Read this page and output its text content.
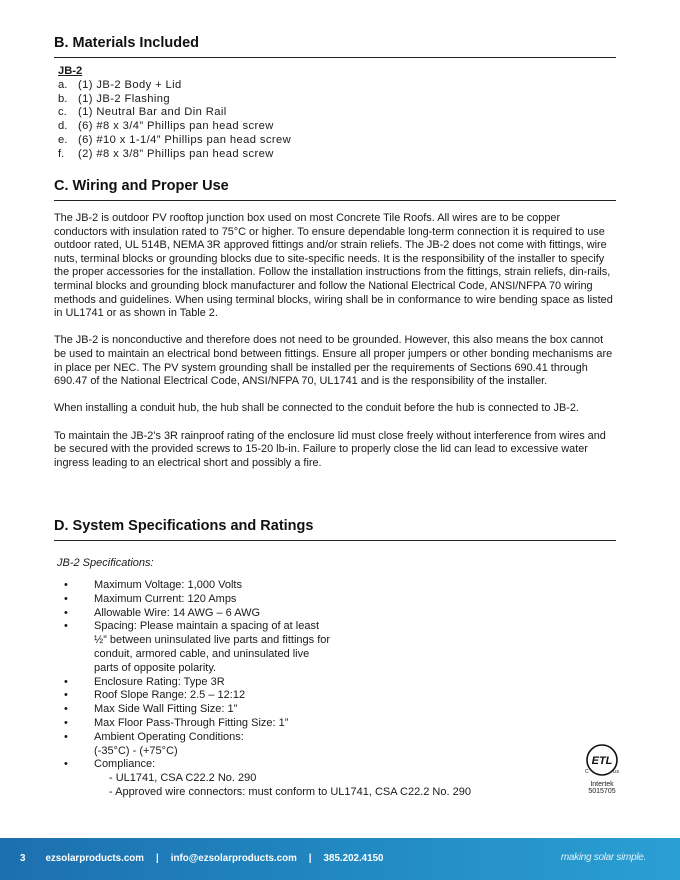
B. Materials Included
JB-2
a. (1) JB-2 Body + Lid
b. (1) JB-2 Flashing
c.	(1) Neutral Bar and Din Rail
d. (6) #8 x 3/4” Phillips pan head screw
e. (6) #10 x 1-1/4” Phillips pan head screw
f.	(2) #8 x 3/8” Phillips pan head screw
C. Wiring and Proper Use

The JB-2 is outdoor PV rooftop junction box used on most Concrete Tile Roofs. All wires are to be copper conductors with insulation rated to 75°C or higher. To ensure dependable long-term connection it is required to use outdoor rated, UL 514B, NEMA 3R approved fittings and/or strain reliefs. The JB-2 does not come with fittings, wire nuts, terminal blocks or grounding blocks due to site-specific needs. It is the responsibility of the installer to specify the proper accessories for the installation. Follow the installation instructions from the fittings, strain reliefs, din-rails, terminal blocks and grounding block manufacturer and follow the National Electrical Code, ANSI/NFPA 70 wiring methods and guidelines. When using terminal blocks, wiring shall be in conformance to wire bending space as listed in UL1741 or as shown in Table 2.

The JB-2 is nonconductive and therefore does not need to be grounded. However, this also means the box cannot be used to maintain an electrical bond between fittings. Ensure all proper jumpers or other bonding mechanisms are in place per NEC. The PV system grounding shall be installed per the requirements of Sections 690.41 through 690.47 of the National Electrical Code, ANSI/NFPA 70, UL1741 and is the responsibility of the installer.

When installing a conduit hub, the hub shall be connected to the conduit before the hub is connected to JB-2.

To maintain the JB-2’s 3R rainproof rating of the enclosure lid must close freely without interference from wires and be secured with the provided screws to 15-20 lb-in. Failure to properly close the lid can lead to excessive water ingress leading to an electrical short and possibly a fire.

D. System Specifications and Ratings
JB-2 Specifications:
•	Maximum Voltage: 1,000 Volts
•	Maximum Current: 120 Amps
•	Allowable Wire: 14 AWG – 6 AWG
•	Spacing: Please maintain a spacing of at least ½” between uninsulated live parts and fittings for conduit, armored cable, and uninsulated live parts of opposite polarity.
•	Enclosure Rating: Type 3R
•	Roof Slope Range: 2.5 – 12:12
•	Max Side Wall Fitting Size: 1”
•	Max Floor Pass-Through Fitting Size: 1”
•	Ambient Operating Conditions: (-35°C) - (+75°C)
•	Compliance:
- UL1741, CSA C22.2 No. 290
- Approved wire connectors: must conform to UL1741, CSA C22.2 No. 290
ETL
C	US
Intertek
5015705
3 ezsolarproducts.com | info@ezsolarproducts.com | 385.202.4150	making solar simple.
